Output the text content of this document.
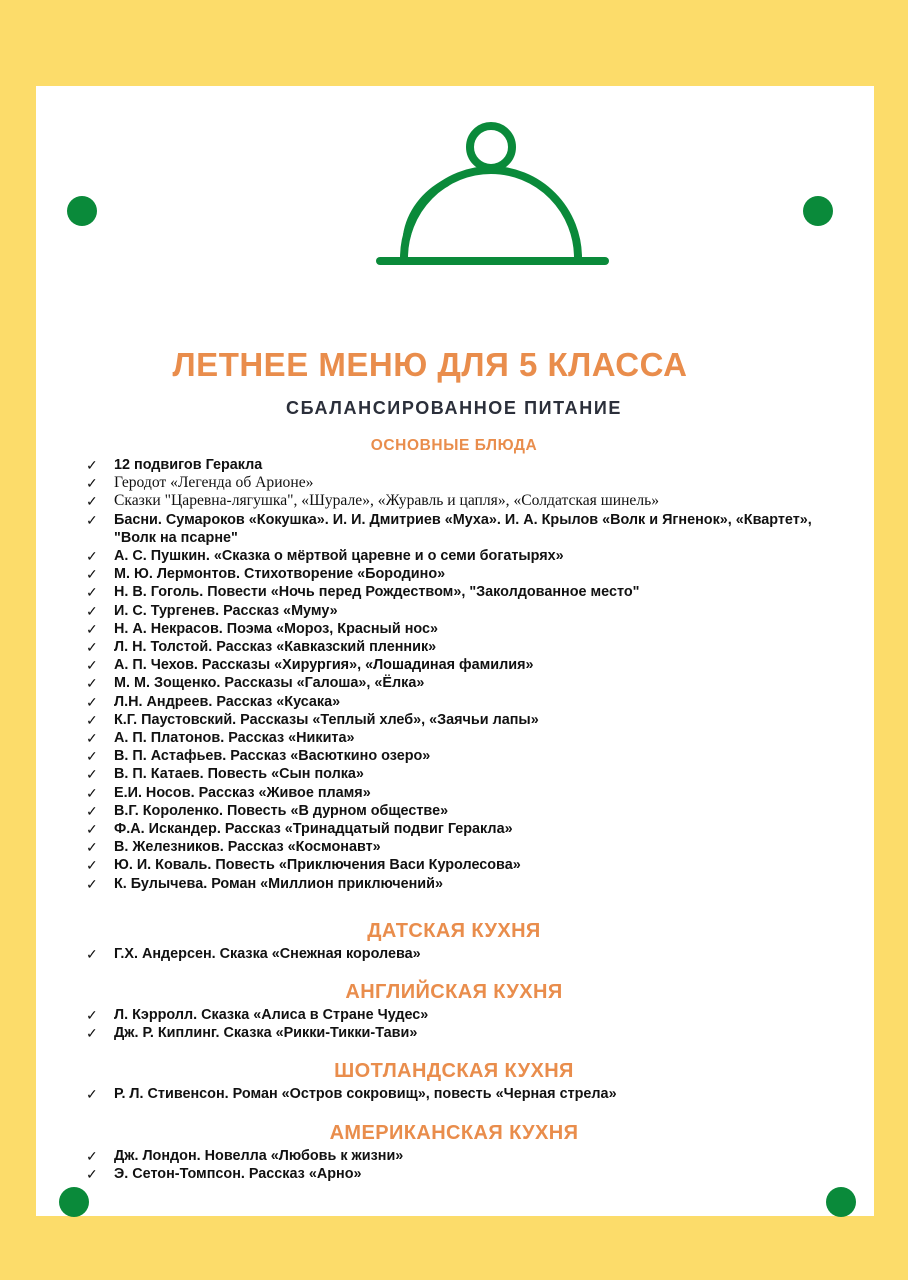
ЛЕТНЕЕ МЕНЮ ДЛЯ 5 КЛАССА
СБАЛАНСИРОВАННОЕ ПИТАНИЕ
ОСНОВНЫЕ БЛЮДА
✓ 12 подвигов Геракла
✓ Геродот «Легенда об Арионе»
✓ Сказки "Царевна-лягушка", «Шурале», «Журавль и цапля», «Солдатская шинель»
✓ Басни. Сумароков «Кокушка». И. И. Дмитриев «Муха». И. А. Крылов «Волк и Ягненок», «Квартет», "Волк на псарне"
✓ А. С. Пушкин. «Сказка о мёртвой царевне и о семи богатырях»
✓ М. Ю. Лермонтов. Стихотворение «Бородино»
✓ Н. В. Гоголь. Повести «Ночь перед Рождеством», "Заколдованное место"
✓ И. С. Тургенев. Рассказ «Муму»
✓ Н. А. Некрасов. Поэма «Мороз, Красный нос»
✓ Л. Н. Толстой. Рассказ «Кавказский пленник»
✓ А. П. Чехов. Рассказы «Хирургия», «Лошадиная фамилия»
✓ М. М. Зощенко. Рассказы «Галоша», «Ёлка»
✓ Л.Н. Андреев. Рассказ «Кусака»
✓ К.Г. Паустовский. Рассказы «Теплый хлеб», «Заячьи лапы»
✓ А. П. Платонов. Рассказ «Никита»
✓ В. П. Астафьев. Рассказ «Васюткино озеро»
✓ В. П. Катаев. Повесть «Сын полка»
✓ Е.И. Носов. Рассказ «Живое пламя»
✓ В.Г. Короленко. Повесть «В дурном обществе»
✓ Ф.А. Искандер. Рассказ «Тринадцатый подвиг Геракла»
✓ В. Железников. Рассказ «Космонавт»
✓ Ю. И. Коваль. Повесть «Приключения Васи Куролесова»
✓ К. Булычева. Роман «Миллион приключений»
ДАТСКАЯ КУХНЯ
✓ Г.Х. Андерсен. Сказка «Снежная королева»
АНГЛИЙСКАЯ КУХНЯ
✓ Л. Кэрролл. Сказка «Алиса в Стране Чудес»
✓ Дж. Р. Киплинг. Сказка «Рикки-Тикки-Тави»
ШОТЛАНДСКАЯ КУХНЯ
✓ Р. Л. Стивенсон. Роман «Остров сокровищ», повесть «Черная стрела»
АМЕРИКАНСКАЯ КУХНЯ
✓ Дж. Лондон. Новелла «Любовь к жизни»
✓ Э. Сетон-Томпсон. Рассказ «Арно»
